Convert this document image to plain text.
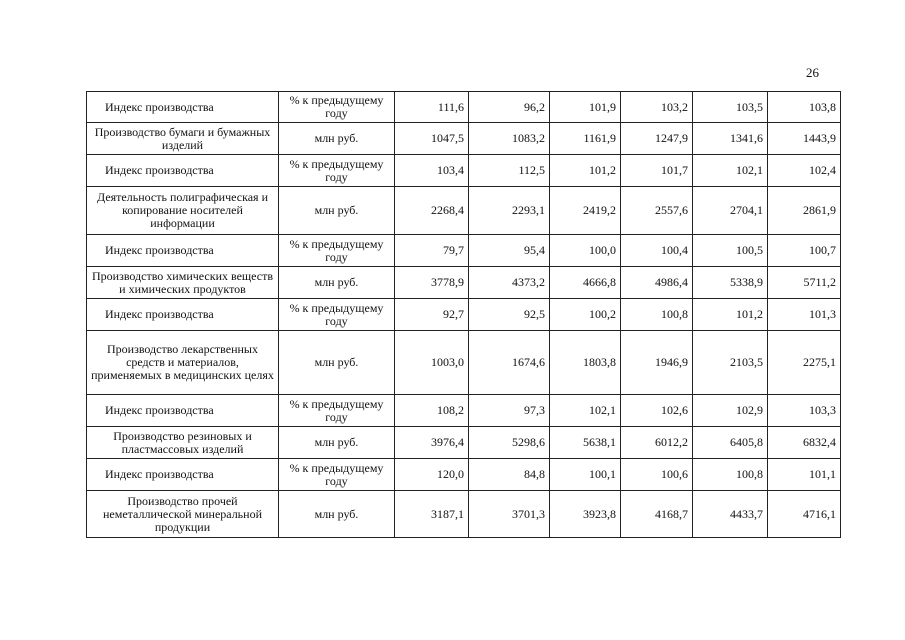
26
Индекс производства	% к предыдущему году	111,6	96,2	101,9	103,2	103,5	103,8
Производство бумаги и бумажных изделий	млн руб.	1047,5	1083,2	1161,9	1247,9	1341,6	1443,9
Индекс производства	% к предыдущему году	103,4	112,5	101,2	101,7	102,1	102,4
Деятельность полиграфическая и копирование носителей информации	млн руб.	2268,4	2293,1	2419,2	2557,6	2704,1	2861,9
Индекс производства	% к предыдущему году	79,7	95,4	100,0	100,4	100,5	100,7
Производство химических веществ и химических продуктов	млн руб.	3778,9	4373,2	4666,8	4986,4	5338,9	5711,2
Индекс производства	% к предыдущему году	92,7	92,5	100,2	100,8	101,2	101,3
Производство лекарственных средств и материалов, применяемых в медицинских целях	млн руб.	1003,0	1674,6	1803,8	1946,9	2103,5	2275,1
Индекс производства	% к предыдущему году	108,2	97,3	102,1	102,6	102,9	103,3
Производство резиновых и пластмассовых изделий	млн руб.	3976,4	5298,6	5638,1	6012,2	6405,8	6832,4
Индекс производства	% к предыдущему году	120,0	84,8	100,1	100,6	100,8	101,1
Производство прочей неметаллической минеральной продукции	млн руб.	3187,1	3701,3	3923,8	4168,7	4433,7	4716,1
